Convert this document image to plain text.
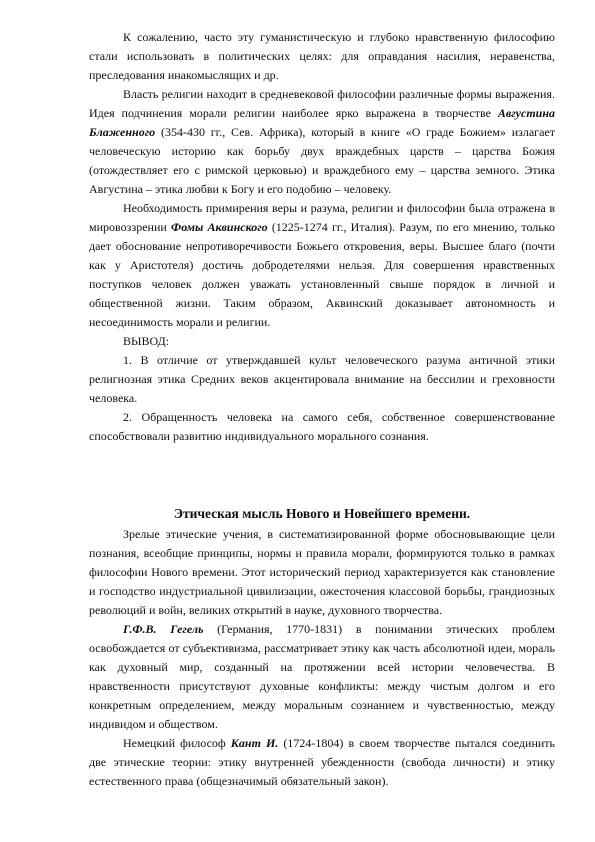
К сожалению, часто эту гуманистическую и глубоко нравственную философию стали использовать в политических целях: для оправдания насилия, неравенства, преследования инакомыслящих и др.

Власть религии находит в средневековой философии различные формы выражения. Идея подчинения морали религии наиболее ярко выражена в творчестве Августина Блаженного (354-430 гг., Сев. Африка), который в книге «О граде Божием» излагает человеческую историю как борьбу двух враждебных царств – царства Божия (отождествляет его с римской церковью) и враждебного ему – царства земного. Этика Августина – этика любви к Богу и его подобию – человеку.

Необходимость примирения веры и разума, религии и философии была отражена в мировоззрении Фомы Аквинского (1225-1274 гг., Италия). Разум, по его мнению, только дает обоснование непротиворечивости Божьего откровения, веры. Высшее благо (почти как у Аристотеля) достичь добродетелями нельзя. Для совершения нравственных поступков человек должен уважать установленный свыше порядок в личной и общественной жизни. Таким образом, Аквинский доказывает автономность и несоединимость морали и религии.

ВЫВОД:

1. В отличие от утверждавшей культ человеческого разума античной этики религиозная этика Средних веков акцентировала внимание на бессилии и греховности человека.

2. Обращенность человека на самого себя, собственное совершенствование способствовали развитию индивидуального морального сознания.

Этическая мысль Нового и Новейшего времени.

Зрелые этические учения, в систематизированной форме обосновывающие цели познания, всеобщие принципы, нормы и правила морали, формируются только в рамках философии Нового времени. Этот исторический период характеризуется как становление и господство индустриальной цивилизации, ожесточения классовой борьбы, грандиозных революций и войн, великих открытий в науке, духовного творчества.

Г.Ф.В. Гегель (Германия, 1770-1831) в понимании этических проблем освобождается от субъективизма, рассматривает этику как часть абсолютной идеи, мораль как духовный мир, созданный на протяжении всей истории человечества. В нравственности присутствуют духовные конфликты: между чистым долгом и его конкретным определением, между моральным сознанием и чувственностью, между индивидом и обществом.

Немецкий философ Кант И. (1724-1804) в своем творчестве пытался соединить две этические теории: этику внутренней убежденности (свобода личности) и этику естественного права (общезначимый обязательный закон).
